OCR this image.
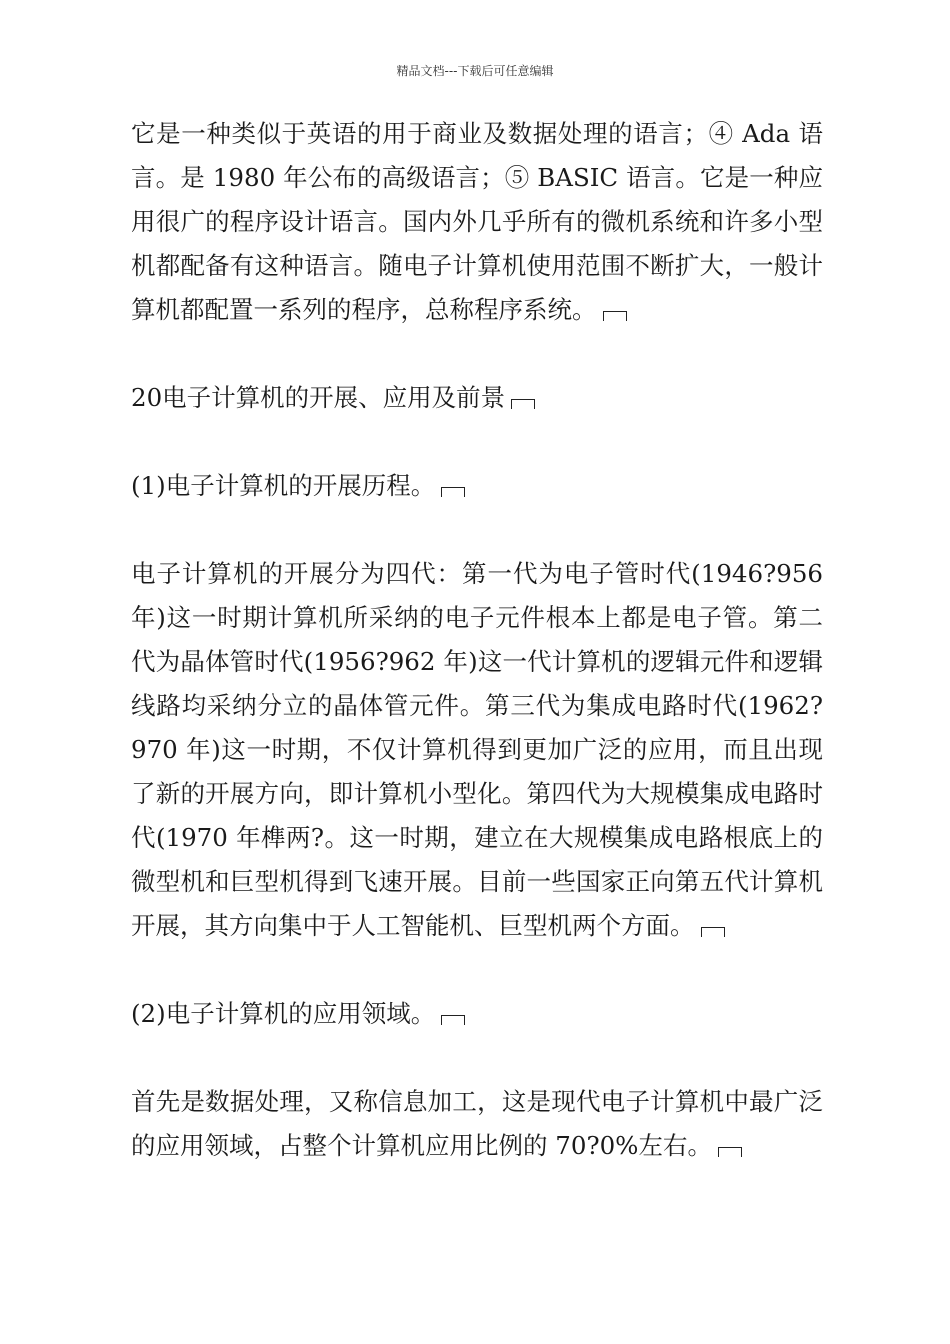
精品文档---下载后可任意编辑

它是一种类似于英语的用于商业及数据处理的语言；④ Ada 语言。是 1980 年公布的高级语言；⑤ BASIC 语言。它是一种应用很广的程序设计语言。国内外几乎所有的微机系统和许多小型机都配备有这种语言。随电子计算机使用范围不断扩大，一般计算机都配置一系列的程序，总称程序系统。

20电子计算机的开展、应用及前景

(1)电子计算机的开展历程。

电子计算机的开展分为四代：第一代为电子管时代(1946?956 年)这一时期计算机所采纳的电子元件根本上都是电子管。第二代为晶体管时代(1956?962 年)这一代计算机的逻辑元件和逻辑线路均采纳分立的晶体管元件。第三代为集成电路时代(1962?970 年)这一时期，不仅计算机得到更加广泛的应用，而且出现了新的开展方向，即计算机小型化。第四代为大规模集成电路时代(1970 年榫两?。这一时期，建立在大规模集成电路根底上的微型机和巨型机得到飞速开展。目前一些国家正向第五代计算机开展，其方向集中于人工智能机、巨型机两个方面。

(2)电子计算机的应用领域。

首先是数据处理，又称信息加工，这是现代电子计算机中最广泛的应用领域，占整个计算机应用比例的 70?0%左右。
